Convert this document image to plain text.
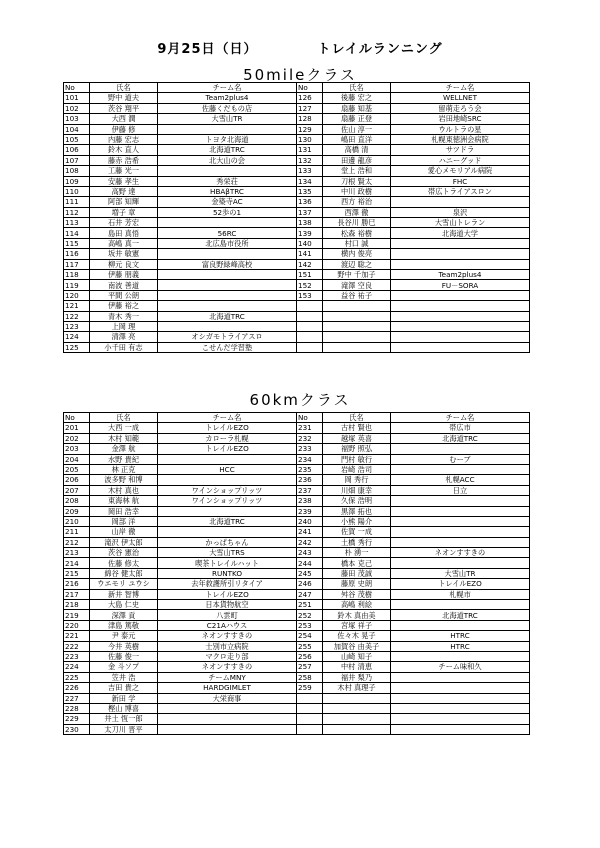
9月25日（日）	トレイルランニング
50mileクラス
No	氏名	チーム名	No	氏名	チーム名
101	野中 道夫	Team2plus4	126	後藤 宏之	WELLNET
102	茨谷 翔平	佐藤くだもの店	127	扇藤 知基	留萌走ろう会
103	大西 潤	大雪山TR	128	扇藤 正登	岩田地崎SRC
104	伊藤 修		129	佐山 淳一	ウルトラの星
105	内藤 宏志	トヨタ北海道	130	嶋田 直洋	札幌東徳洲会病院
106	鈴木 直人	北海道TRC	131	高橋 清	サツドラ
107	藤赤 浩希	北大山の会	132	田邊 龍彦	ハニーグッド
108	工藤 光一		133	堂上 浩和	愛心メモリアル病院
109	安藤 孝生	秀栄荘	134	刀根 賢太	FHC
110	高野 達	HBAβTRC	135	中川 政樹	帯広トライアスロン
111	阿部 知輝	金築寺AC	136	西方 裕治	
112	増子 章	52歩の1	137	西澤 徹	泉沢
113	石井 芳宏		138	長谷川 勝巳	大雪山トレラン
114	島田 真悟	56RC	139	松森 裕樹	北海道大学
115	高嶋 真一	北広島市役所	140	村口 誠	
116	坂井 敏憲		141	横内 俊亮	
117	柳元 良文	富良野緑峰高校	142	渡辺 聡之	
118	伊藤 朋義		151	野中 千加子	Team2plus4
119	南波 善道		152	滝澤 空良	FU－SORA
120	平間 公朗		153	益谷 祐子	
121	伊藤 裕之				
122	青木 秀一	北海道TRC			
123	上岡 理				
124	清澤 亮	オシガモトライアスロ			
125	小千田 有志	こせんだ学習塾			
60kmクラス
No	氏名	チーム名	No	氏名	チーム名
201	大西 一成	トレイルEZO	231	古村 賢也	帯広市
202	木村 知範	カローラ札幌	232	越塚 英喜	北海道TRC
203	金澤 航	トレイルEZO	233	福野 照弘	
204	水野 貴紀		234	門村 敏行	むーブ
205	林 正克	HCC	235	岩崎 浩司	
206	波多野 和博		236	岡 秀行	札幌ACC
207	木村 真也	ワインショップリッツ	237	川畑 康幸	日立
208	東海林 航	ワインショップリッツ	238	久保 浩明	
209	岡田 浩幸		239	黒澤 拓也	
210	岡部 洋	北海道TRC	240	小熊 陽介	
211	山岸 徹		241	佐賀 一成	
212	滝沢 伊太郎	かっぱちゃん	242	土橋 秀行	
213	茨谷 憲治	大雪山TRS	243	朴 湧一	ネオンすすきの
214	佐藤 修太	喫茶トレイルハット	244	橋本 克己	
215	綿谷 健太郎	RUNTKO	245	藤田 茂誠	大雪山TR
216	ウエモリ ユウシ	去年救護所引リタイア	246	藤原 史朗	トレイルEZO
217	新井 智博	トレイルEZO	247	舛谷 茂樹	札幌市
218	大島 仁史	日本貨物航空	251	高嶋 利絵	
219	深澤 貢	八雲町	252	鈴木 真由美	北海道TRC
220	津島 篤敬	C21Aハウス	253	宮塚 祥子	
221	尹 泰元	ネオンすすきの	254	佐々木 晃子	HTRC
222	今井 英樹	士別市立病院	255	加賀谷 由美子	HTRC
223	佐藤 俊一	マクロ走り部	256	山崎 知子	
224	金 斗ソプ	ネオンすすきの	257	中村 清恵	チーム味和久
225	笠井 浩	チームMNY	258	福井 梨乃	
226	吉田 貴之	HARDGIMLET	259	木村 真理子	
227	新田 学	大栄商事			
228	樫山 博喜				
229	井土 恆一郎				
230	太刀川 晋平				
